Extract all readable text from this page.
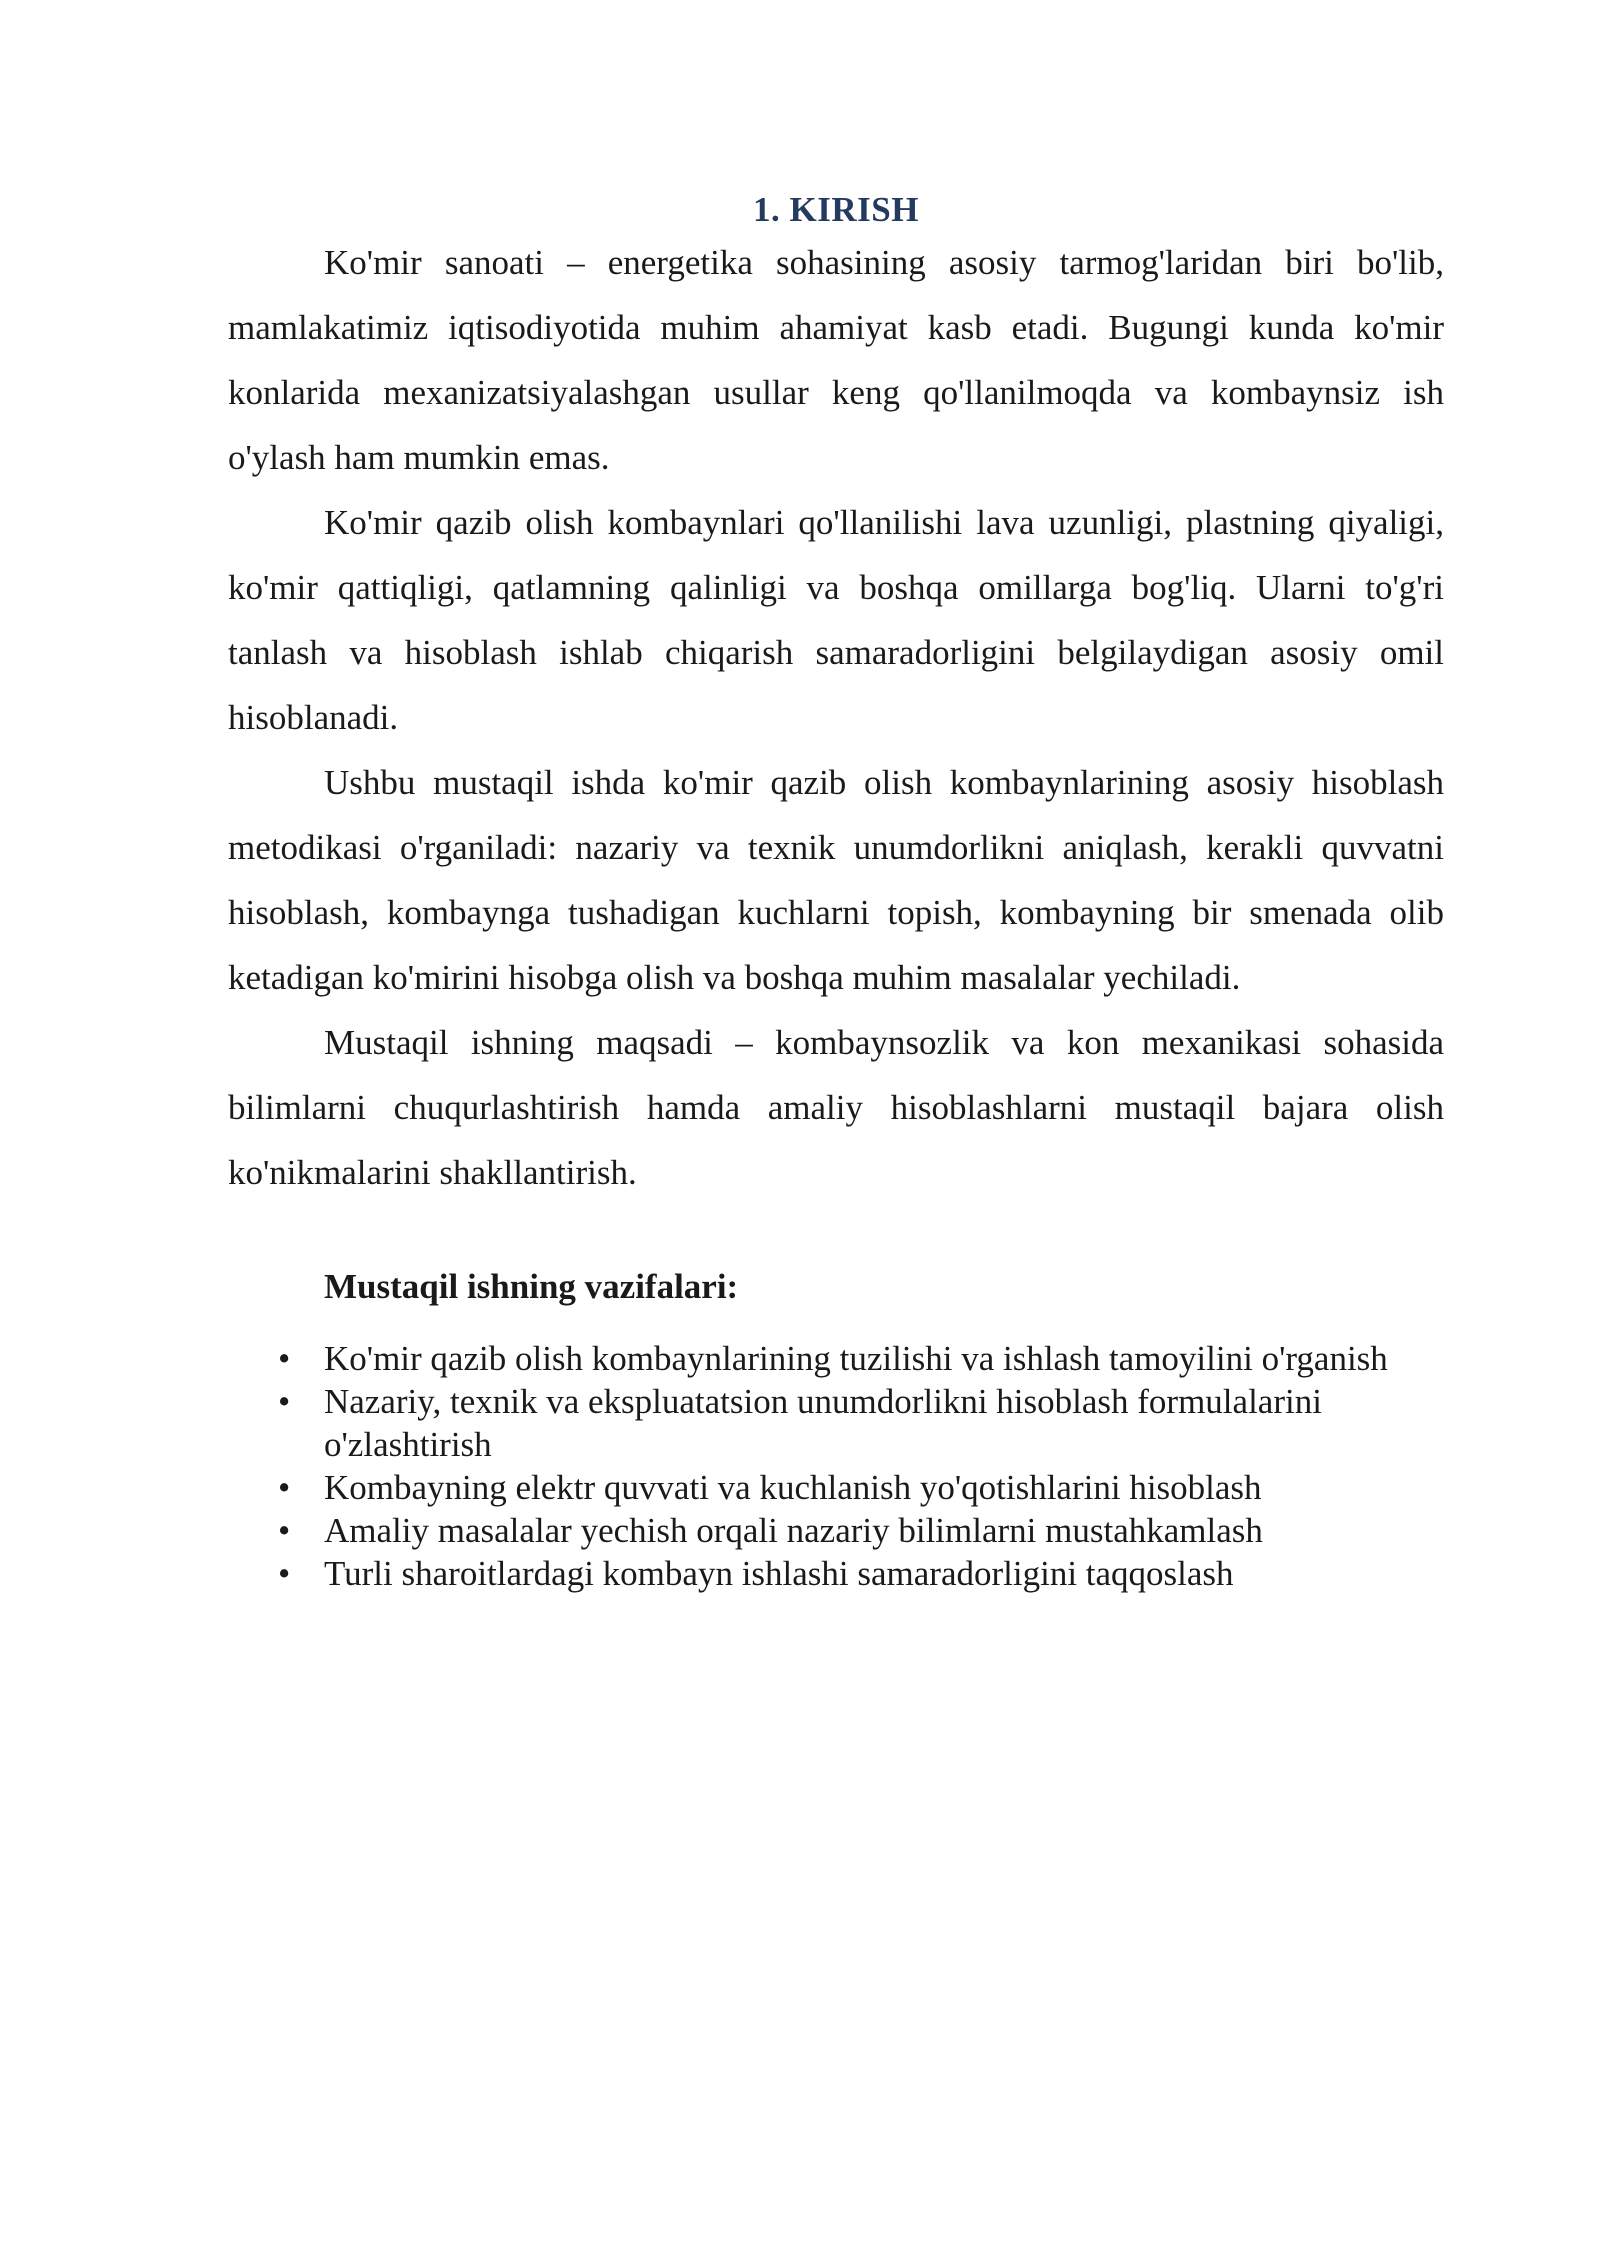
1. KIRISH

Ko'mir sanoati – energetika sohasining asosiy tarmog'laridan biri bo'lib, mamlakatimiz iqtisodiyotida muhim ahamiyat kasb etadi. Bugungi kunda ko'mir konlarida mexanizatsiyalashgan usullar keng qo'llanilmoqda va kombaynsiz ish o'ylash ham mumkin emas.

Ko'mir qazib olish kombaynlari qo'llanilishi lava uzunligi, plastning qiyaligi, ko'mir qattiqligi, qatlamning qalinligi va boshqa omillarga bog'liq. Ularni to'g'ri tanlash va hisoblash ishlab chiqarish samaradorligini belgilaydigan asosiy omil hisoblanadi.

Ushbu mustaqil ishda ko'mir qazib olish kombaynlarining asosiy hisoblash metodikasi o'rganiladi: nazariy va texnik unumdorlikni aniqlash, kerakli quvvatni hisoblash, kombaynga tushadigan kuchlarni topish, kombayning bir smenada olib ketadigan ko'mirini hisobga olish va boshqa muhim masalalar yechiladi.

Mustaqil ishning maqsadi – kombaynsozlik va kon mexanikasi sohasida bilimlarni chuqurlashtirish hamda amaliy hisoblashlarni mustaqil bajara olish ko'nikmalarini shakllantirish.

Mustaqil ishning vazifalari:
• Ko'mir qazib olish kombaynlarining tuzilishi va ishlash tamoyilini o'rganish
• Nazariy, texnik va ekspluatatsion unumdorlikni hisoblash formulalarini o'zlashtirish
• Kombayning elektr quvvati va kuchlanish yo'qotishlarini hisoblash
• Amaliy masalalar yechish orqali nazariy bilimlarni mustahkamlash
• Turli sharoitlardagi kombayn ishlashi samaradorligini taqqoslash
